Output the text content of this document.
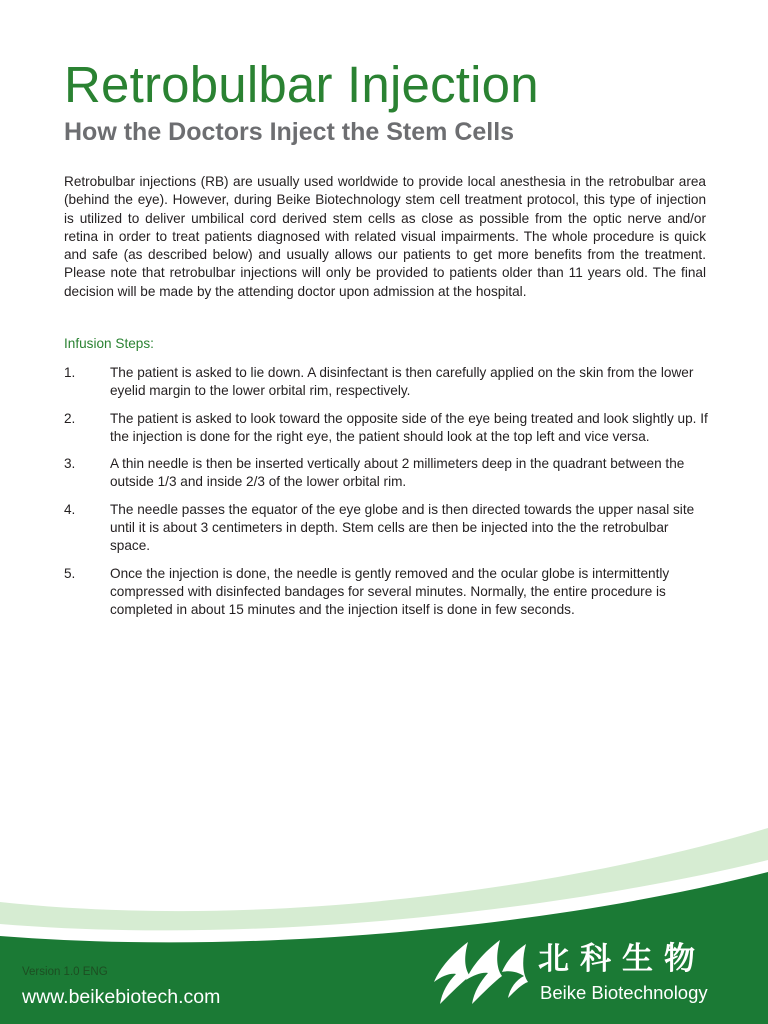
Retrobulbar Injection
How the Doctors Inject the Stem Cells

Retrobulbar injections (RB) are usually used worldwide to provide local anesthesia in the retrobulbar area (behind the eye). However, during Beike Biotechnology stem cell treatment protocol, this type of injection is utilized to deliver umbilical cord derived stem cells as close as possible from the optic nerve and/or retina in order to treat patients diagnosed with related visual impairments. The whole procedure is quick and safe (as described below) and usually allows our patients to get more benefits from the treatment. Please note that retrobulbar injections will only be provided to patients older than 11 years old. The final decision will be made by the attending doctor upon admission at the hospital.

Infusion Steps:

1.	The patient is asked to lie down. A disinfectant is then carefully applied on the skin from the lower eyelid margin to the lower orbital rim, respectively.
2.	The patient is asked to look toward the opposite side of the eye being treated and look slightly up. If the injection is done for the right eye, the patient should look at the top left and vice versa.
3.	A thin needle is then be inserted vertically about 2 millimeters deep in the quadrant between the outside 1/3 and inside 2/3 of the lower orbital rim.
4.	The needle passes the equator of the eye globe and is then directed towards the upper nasal site until it is about 3 centimeters in depth. Stem cells are then be injected into the the retrobulbar space.
5.	Once the injection is done, the needle is gently removed and the ocular globe is intermittently compressed with disinfected bandages for several minutes. Normally, the entire procedure is completed in about 15 minutes and the injection itself is done in few seconds.
Version 1.0 ENG
www.beikebiotech.com
北科生物
Beike Biotechnology
